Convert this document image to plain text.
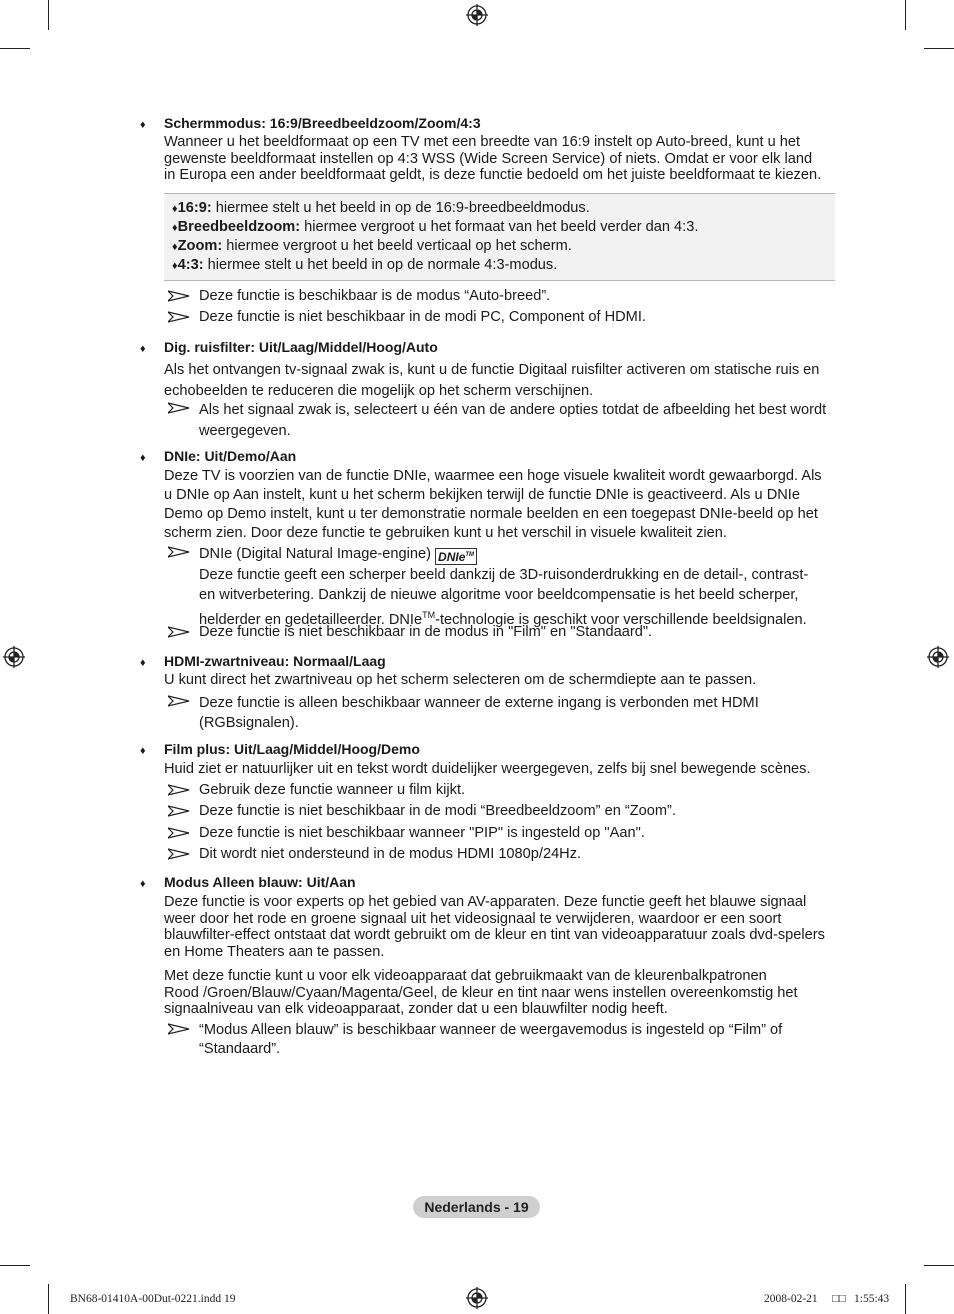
♦ Schermmodus: 16:9/Breedbeeldzoom/Zoom/4:3

Wanneer u het beeldformaat op een TV met een breedte van 16:9 instelt op Auto-breed, kunt u het

gewenste beeldformaat instellen op 4:3 WSS (Wide Screen Service) of niets. Omdat er voor elk land

in Europa een ander beeldformaat geldt, is deze functie bedoeld om het juiste beeldformaat te kiezen.

♦16:9: hiermee stelt u het beeld in op de 16:9-breedbeeldmodus.
♦Breedbeeldzoom: hiermee vergroot u het formaat van het beeld verder dan 4:3.
♦Zoom: hiermee vergroot u het beeld verticaal op het scherm.
♦4:3: hiermee stelt u het beeld in op de normale 4:3-modus.

Deze functie is beschikbaar is de modus “Auto-breed”.

Deze functie is niet beschikbaar in de modi PC, Component of HDMI.

♦ Dig. ruisfilter: Uit/Laag/Middel/Hoog/Auto

Als het ontvangen tv-signaal zwak is, kunt u de functie Digitaal ruisfilter activeren om statische ruis en

echobeelden te reduceren die mogelijk op het scherm verschijnen.

Als het signaal zwak is, selecteert u één van de andere opties totdat de afbeelding het best wordt

weergegeven.

♦ DNIe: Uit/Demo/Aan

Deze TV is voorzien van de functie DNIe, waarmee een hoge visuele kwaliteit wordt gewaarborgd. Als

u DNIe op Aan instelt, kunt u het scherm bekijken terwijl de functie DNIe is geactiveerd. Als u DNIe

Demo op Demo instelt, kunt u ter demonstratie normale beelden en een toegepast DNIe-beeld op het

scherm zien. Door deze functie te gebruiken kunt u het verschil in visuele kwaliteit zien.

DNIe (Digital Natural Image-engine) DNIe™

Deze functie geeft een scherper beeld dankzij de 3D-ruisonderdrukking en de detail-, contrast-

en witverbetering. Dankzij de nieuwe algoritme voor beeldcompensatie is het beeld scherper,

helderder en gedetailleerder. DNIe™-technologie is geschikt voor verschillende beeldsignalen.

Deze functie is niet beschikbaar in de modus in "Film" en "Standaard".

♦ HDMI-zwartniveau: Normaal/Laag

U kunt direct het zwartniveau op het scherm selecteren om de schermdiepte aan te passen.

Deze functie is alleen beschikbaar wanneer de externe ingang is verbonden met HDMI

(RGBsignalen).

♦ Film plus: Uit/Laag/Middel/Hoog/Demo

Huid ziet er natuurlijker uit en tekst wordt duidelijker weergegeven, zelfs bij snel bewegende scènes.

Gebruik deze functie wanneer u film kijkt.

Deze functie is niet beschikbaar in de modi “Breedbeeldzoom” en “Zoom”.

Deze functie is niet beschikbaar wanneer "PIP" is ingesteld op "Aan".

Dit wordt niet ondersteund in de modus HDMI 1080p/24Hz.

♦ Modus Alleen blauw: Uit/Aan

Deze functie is voor experts op het gebied van AV-apparaten. Deze functie geeft het blauwe signaal

weer door het rode en groene signaal uit het videosignaal te verwijderen, waardoor er een soort

blauwfilter-effect ontstaat dat wordt gebruikt om de kleur en tint van videoapparatuur zoals dvd-spelers

en Home Theaters aan te passen.

Met deze functie kunt u voor elk videoapparaat dat gebruikmaakt van de kleurenbalkpatronen

Rood /Groen/Blauw/Cyaan/Magenta/Geel, de kleur en tint naar wens instellen overeenkomstig het

signaalniveau van elk videoapparaat, zonder dat u een blauwfilter nodig heeft.

“Modus Alleen blauw” is beschikbaar wanneer de weergavemodus is ingesteld op “Film” of

“Standaard”.

Nederlands - 19
BN68-01410A-00Dut-0221.indd 19	2008-02-21 □□ 1:55:43
